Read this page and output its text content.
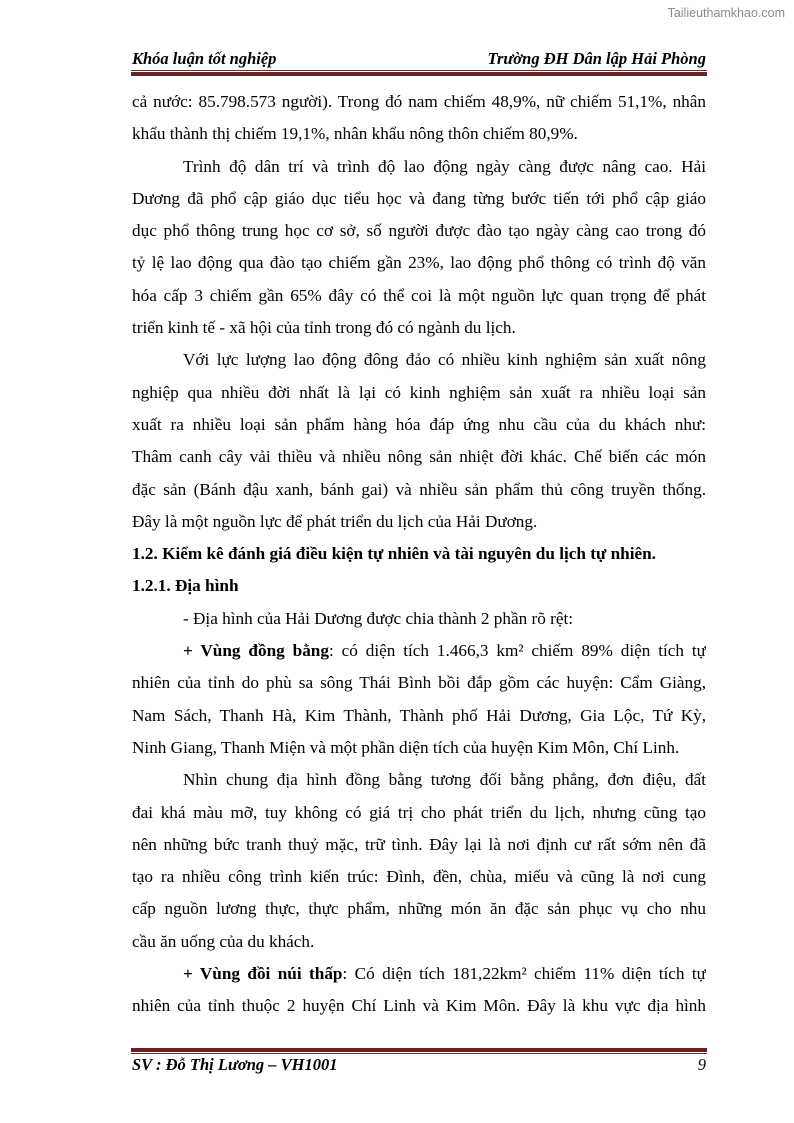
Tailieuthamkhao.com
Khóa luận tốt nghiệp	Trường ĐH Dân lập Hải Phòng
cả nước: 85.798.573 người). Trong đó nam chiếm 48,9%, nữ chiếm 51,1%, nhân
khẩu thành thị chiếm 19,1%, nhân khẩu nông thôn chiếm 80,9%.
Trình độ dân trí và trình độ lao động ngày càng được nâng cao. Hải
Dương đã phổ cập giáo dục tiểu học và đang từng bước tiến tới phổ cập giáo
dục phổ thông trung học cơ sở, số người được đào tạo ngày càng cao trong đó
tỷ lệ lao động qua đào tạo chiếm gần 23%, lao động phổ thông có trình độ văn
hóa cấp 3 chiếm gần 65% đây có thể coi là một nguồn lực quan trọng để phát
triển kinh tế - xã hội của tỉnh trong đó có ngành du lịch.
Với lực lượng lao động đông đảo có nhiều kinh nghiệm sản xuất nông
nghiệp qua nhiều đời nhất là lại có kinh nghiệm sản xuất ra nhiều loại sản
xuất ra nhiều loại sản phẩm hàng hóa đáp ứng nhu cầu của du khách như:
Thâm canh cây vải thiều và nhiều nông sản nhiệt đời khác. Chế biến các món
đặc sản (Bánh đậu xanh, bánh gai) và nhiều sản phẩm thủ công truyền thống.
Đây là một nguồn lực để phát triển du lịch của Hải Dương.
1.2. Kiểm kê đánh giá điều kiện tự nhiên và tài nguyên du lịch tự nhiên.
1.2.1. Địa hình
- Địa hình của Hải Dương được chia thành 2 phần rõ rệt:
+ Vùng đồng bằng: có diện tích 1.466,3 km² chiếm 89% diện tích tự
nhiên của tỉnh do phù sa sông Thái Bình bồi đắp gồm các huyện: Cẩm Giàng,
Nam Sách, Thanh Hà, Kim Thành, Thành phố Hải Dương, Gia Lộc, Tứ Kỳ,
Ninh Giang, Thanh Miện và một phần diện tích của huyện Kim Môn, Chí Linh.
Nhìn chung địa hình đồng bằng tương đối bằng phẳng, đơn điệu, đất
đai khá màu mỡ, tuy không có giá trị cho phát triển du lịch, nhưng cũng tạo
nên những bức tranh thuỷ mặc, trữ tình. Đây lại là nơi định cư rất sớm nên đã
tạo ra nhiều công trình kiến trúc: Đình, đền, chùa, miếu và cũng là nơi cung
cấp nguồn lương thực, thực phẩm, những món ăn đặc sản phục vụ cho nhu
cầu ăn uống của du khách.
+ Vùng đồi núi thấp: Có diện tích 181,22km² chiếm 11% diện tích tự
nhiên của tỉnh thuộc 2 huyện Chí Linh và Kim Môn. Đây là khu vực địa hình
SV : Đỗ Thị Lương – VH1001	9
